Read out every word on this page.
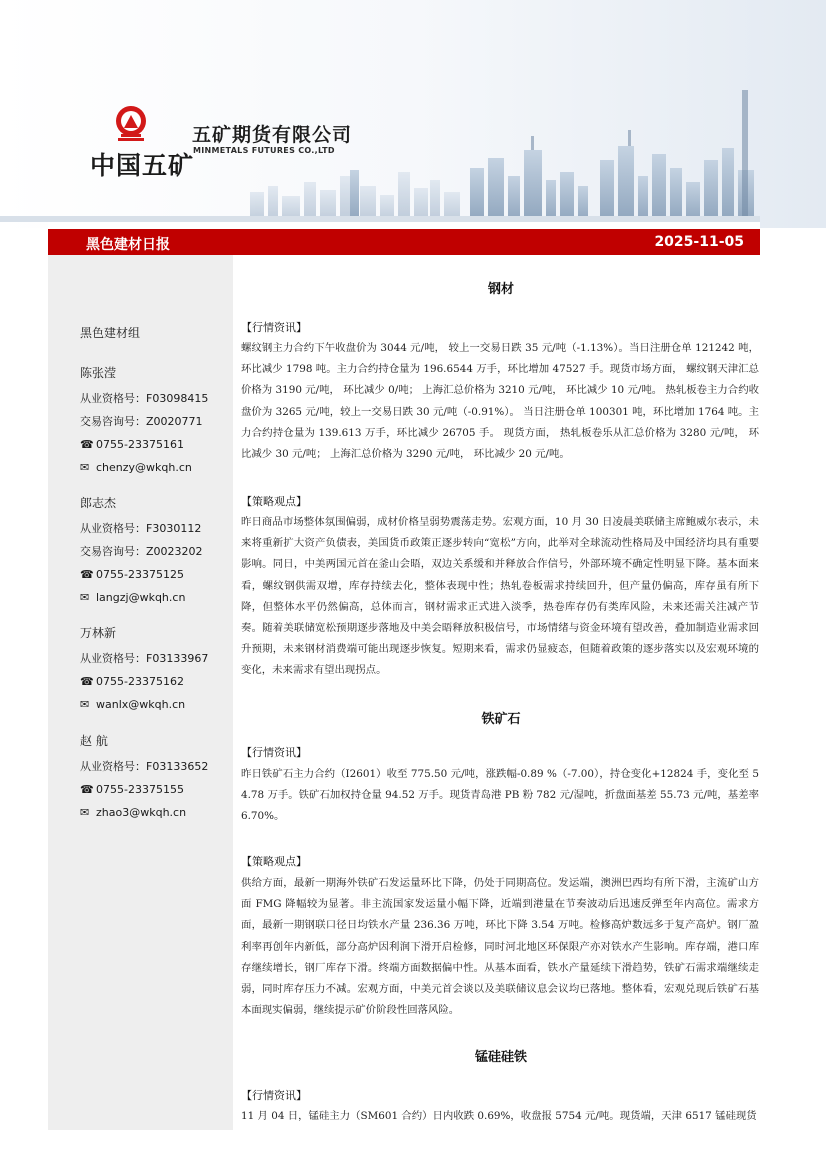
中国五矿
五矿期货有限公司
MINMETALS FUTURES CO.,LTD
黑色建材日报	2025-11-05
黑色建材组
陈张滢
从业资格号：F03098415
交易咨询号：Z0020771
☎ 0755-23375161
✉ chenzy@wkqh.cn
郎志杰
从业资格号：F3030112
交易咨询号：Z0023202
☎ 0755-23375125
✉ langzj@wkqh.cn
万林新
从业资格号：F03133967
☎ 0755-23375162
✉ wanlx@wkqh.cn
赵 航
从业资格号：F03133652
☎ 0755-23375155
✉ zhao3@wkqh.cn
钢材
【行情资讯】
螺纹钢主力合约下午收盘价为 3044 元/吨， 较上一交易日跌 35 元/吨（-1.13%）。当日注册仓单 121242 吨， 环比减少 1798 吨。主力合约持仓量为 196.6544 万手，环比增加 47527 手。现货市场方面， 螺纹钢天津汇总价格为 3190 元/吨， 环比减少 0/吨； 上海汇总价格为 3210 元/吨， 环比减少 10 元/吨。 热轧板卷主力合约收盘价为 3265 元/吨，较上一交易日跌 30 元/吨（-0.91%）。 当日注册仓单 100301 吨，环比增加 1764 吨。主力合约持仓量为 139.613 万手，环比减少 26705 手。 现货方面， 热轧板卷乐从汇总价格为 3280 元/吨， 环比减少 30 元/吨； 上海汇总价格为 3290 元/吨， 环比减少 20 元/吨。
【策略观点】
昨日商品市场整体氛围偏弱，成材价格呈弱势震荡走势。宏观方面，10 月 30 日凌晨美联储主席鲍威尔表示，未来将重新扩大资产负债表，美国货币政策正逐步转向“宽松”方向，此举对全球流动性格局及中国经济均具有重要影响。同日，中美两国元首在釜山会晤，双边关系缓和并释放合作信号，外部环境不确定性明显下降。基本面来看，螺纹钢供需双增，库存持续去化，整体表现中性；热轧卷板需求持续回升，但产量仍偏高，库存虽有所下降，但整体水平仍然偏高，总体而言，钢材需求正式进入淡季，热卷库存仍有类库风险，未来还需关注减产节奏。随着美联储宽松预期逐步落地及中美会晤释放积极信号，市场情绪与资金环境有望改善，叠加制造业需求回升预期，未来钢材消费端可能出现逐步恢复。短期来看，需求仍显疲态，但随着政策的逐步落实以及宏观环境的变化，未来需求有望出现拐点。
铁矿石
【行情资讯】
昨日铁矿石主力合约（I2601）收至 775.50 元/吨，涨跌幅-0.89 %（-7.00），持仓变化+12824 手，变化至 54.78 万手。铁矿石加权持仓量 94.52 万手。现货青岛港 PB 粉 782 元/湿吨，折盘面基差 55.73 元/吨，基差率 6.70%。
【策略观点】
供给方面，最新一期海外铁矿石发运量环比下降，仍处于同期高位。发运端，澳洲巴西均有所下滑，主流矿山方面 FMG 降幅较为显著。非主流国家发运量小幅下降，近端到港量在节奏波动后迅速反弹至年内高位。需求方面，最新一期钢联口径日均铁水产量 236.36 万吨，环比下降 3.54 万吨。检修高炉数远多于复产高炉。钢厂盈利率再创年内新低，部分高炉因利润下滑开启检修，同时河北地区环保限产亦对铁水产生影响。库存端，港口库存继续增长，钢厂库存下滑。终端方面数据偏中性。从基本面看，铁水产量延续下滑趋势，铁矿石需求端继续走弱，同时库存压力不减。宏观方面，中美元首会谈以及美联储议息会议均已落地。整体看，宏观兑现后铁矿石基本面现实偏弱，继续提示矿价阶段性回落风险。
锰硅硅铁
【行情资讯】
11 月 04 日，锰硅主力（SM601 合约）日内收跌 0.69%，收盘报 5754 元/吨。现货端，天津 6517 锰硅现货
